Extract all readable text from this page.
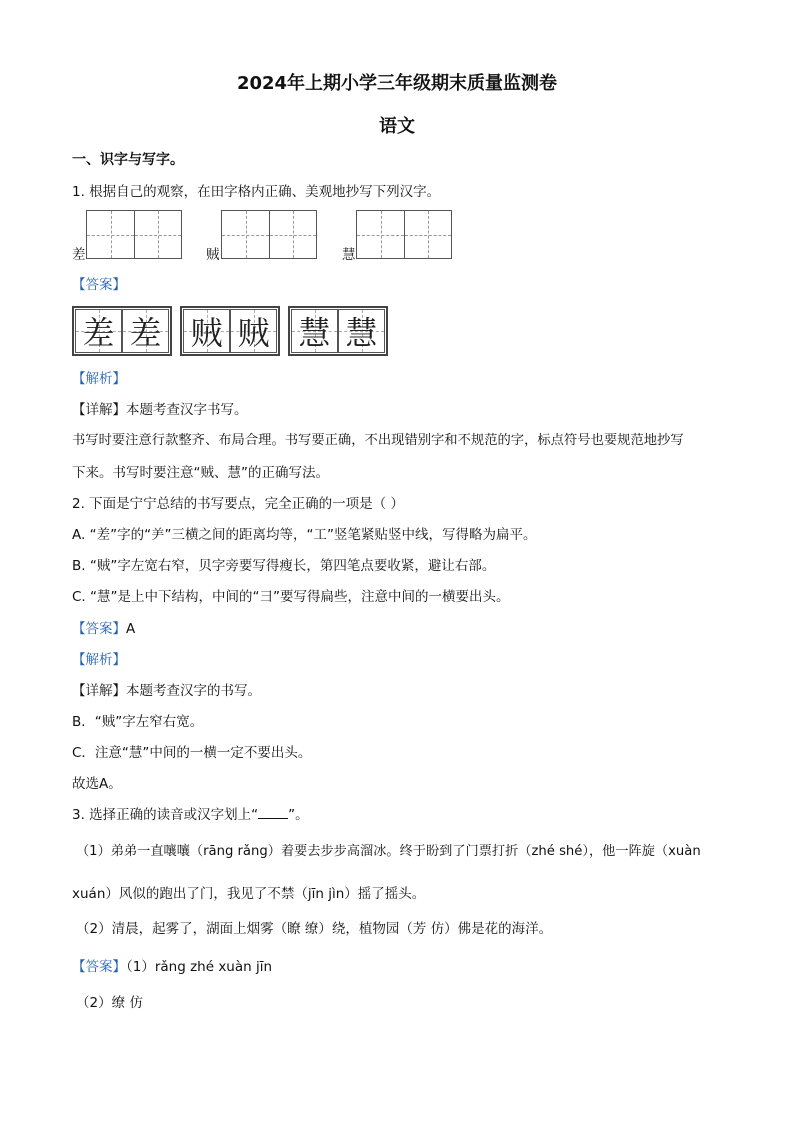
2024年上期小学三年级期末质量监测卷
语文
一、识字与写字。
1. 根据自己的观察，在田字格内正确、美观地抄写下列汉字。
差	贼	慧
【答案】
差 差 贼 贼 慧 慧
【解析】
【详解】本题考查汉字书写。
书写时要注意行款整齐、布局合理。书写要正确，不出现错别字和不规范的字，标点符号也要规范地抄写
下来。书写时要注意“贼、慧”的正确写法。
2. 下面是宁宁总结的书写要点，完全正确的一项是（ ）
A. “差”字的“⺶”三横之间的距离均等，“工”竖笔紧贴竖中线，写得略为扁平。
B. “贼”字左宽右窄，贝字旁要写得瘦长，第四笔点要收紧，避让右部。
C. “慧”是上中下结构，中间的“彐”要写得扁些，注意中间的一横要出头。
【答案】A
【解析】
【详解】本题考查汉字的书写。
B．“贼”字左窄右宽。
C．注意“慧”中间的一横一定不要出头。
故选A。
3. 选择正确的读音或汉字划上“ ”。
（1）弟弟一直嚷嚷（rāng rǎng）着要去步步高溜冰。终于盼到了门票打折（zhé shé），他一阵旋（xuàn
xuán）风似的跑出了门，我见了不禁（jīn jìn）摇了摇头。
（2）清晨，起雾了，湖面上烟雾（瞭 缭）绕，植物园（芳 仿）佛是花的海洋。
【答案】（1）rǎng zhé xuàn jīn
（2）缭 仿
